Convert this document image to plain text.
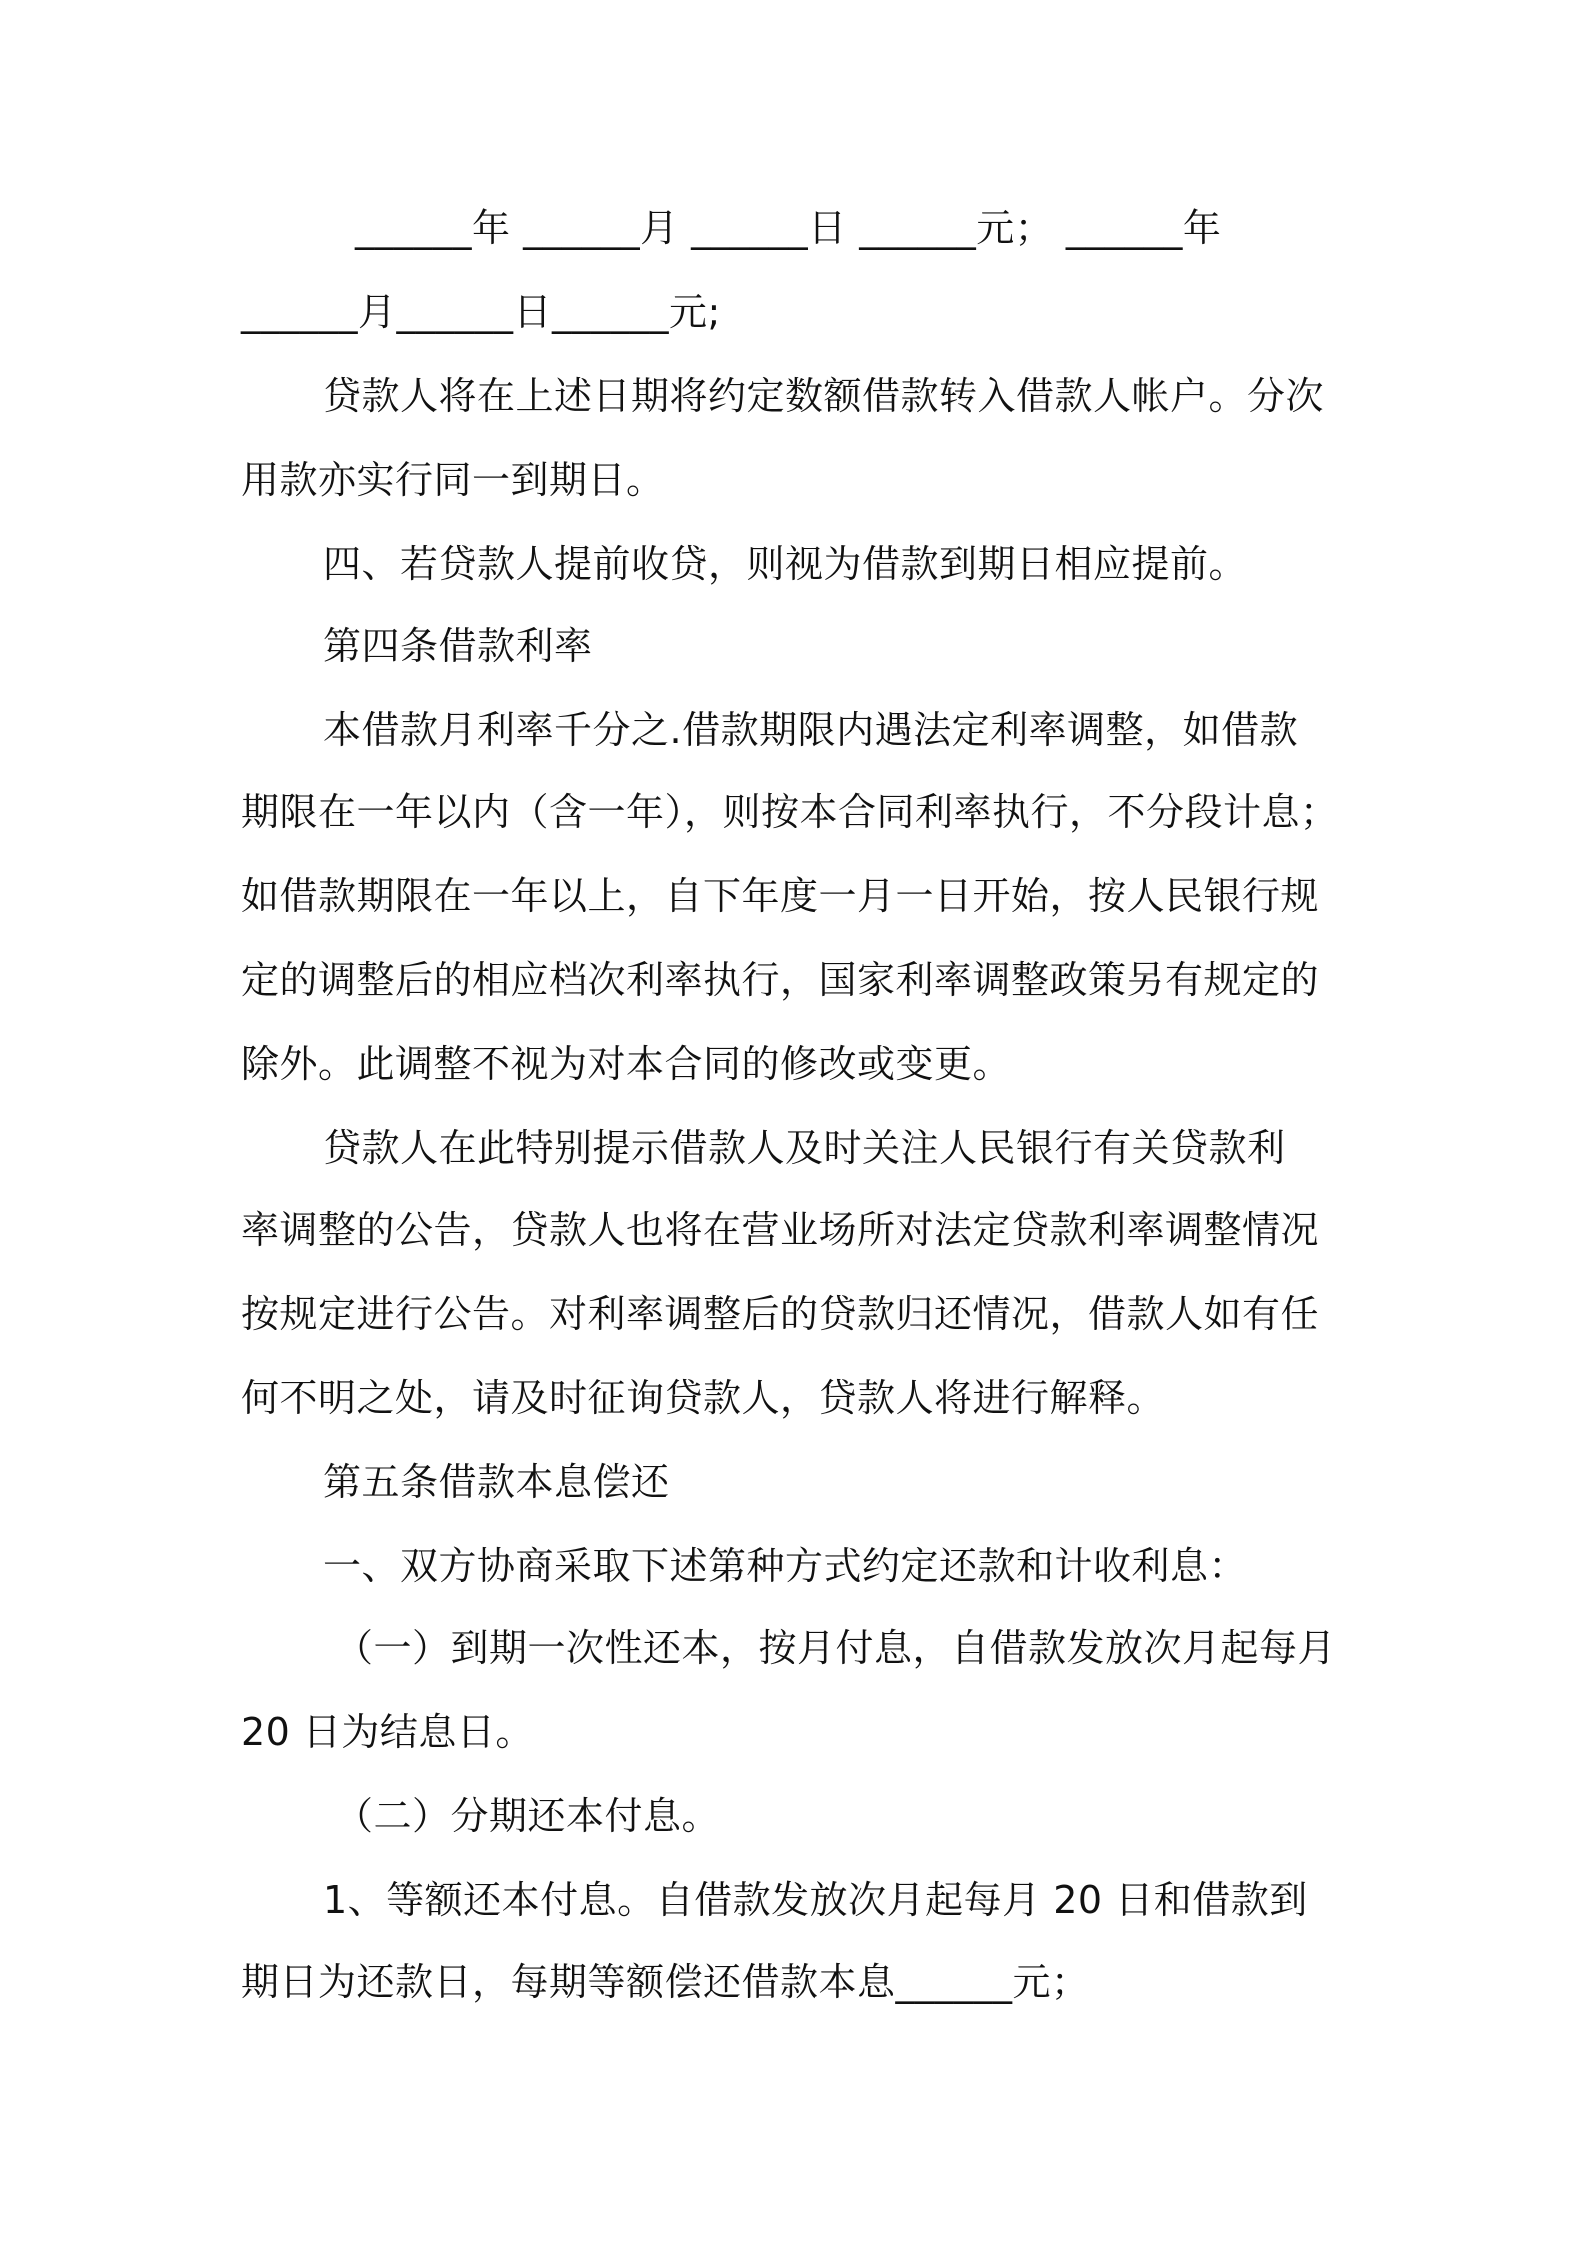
______年 ______月 ______日 ______元； ______年
______月______日______元;
贷款人将在上述日期将约定数额借款转入借款人帐户。分次
用款亦实行同一到期日。
四、若贷款人提前收贷，则视为借款到期日相应提前。
第四条借款利率
本借款月利率千分之.借款期限内遇法定利率调整，如借款
期限在一年以内（含一年），则按本合同利率执行，不分段计息；
如借款期限在一年以上，自下年度一月一日开始，按人民银行规
定的调整后的相应档次利率执行，国家利率调整政策另有规定的
除外。此调整不视为对本合同的修改或变更。
贷款人在此特别提示借款人及时关注人民银行有关贷款利
率调整的公告，贷款人也将在营业场所对法定贷款利率调整情况
按规定进行公告。对利率调整后的贷款归还情况，借款人如有任
何不明之处，请及时征询贷款人，贷款人将进行解释。
第五条借款本息偿还
一、双方协商采取下述第种方式约定还款和计收利息：
（一）到期一次性还本，按月付息，自借款发放次月起每月
20 日为结息日。
（二）分期还本付息。
1、等额还本付息。自借款发放次月起每月 20 日和借款到
期日为还款日，每期等额偿还借款本息______元；
